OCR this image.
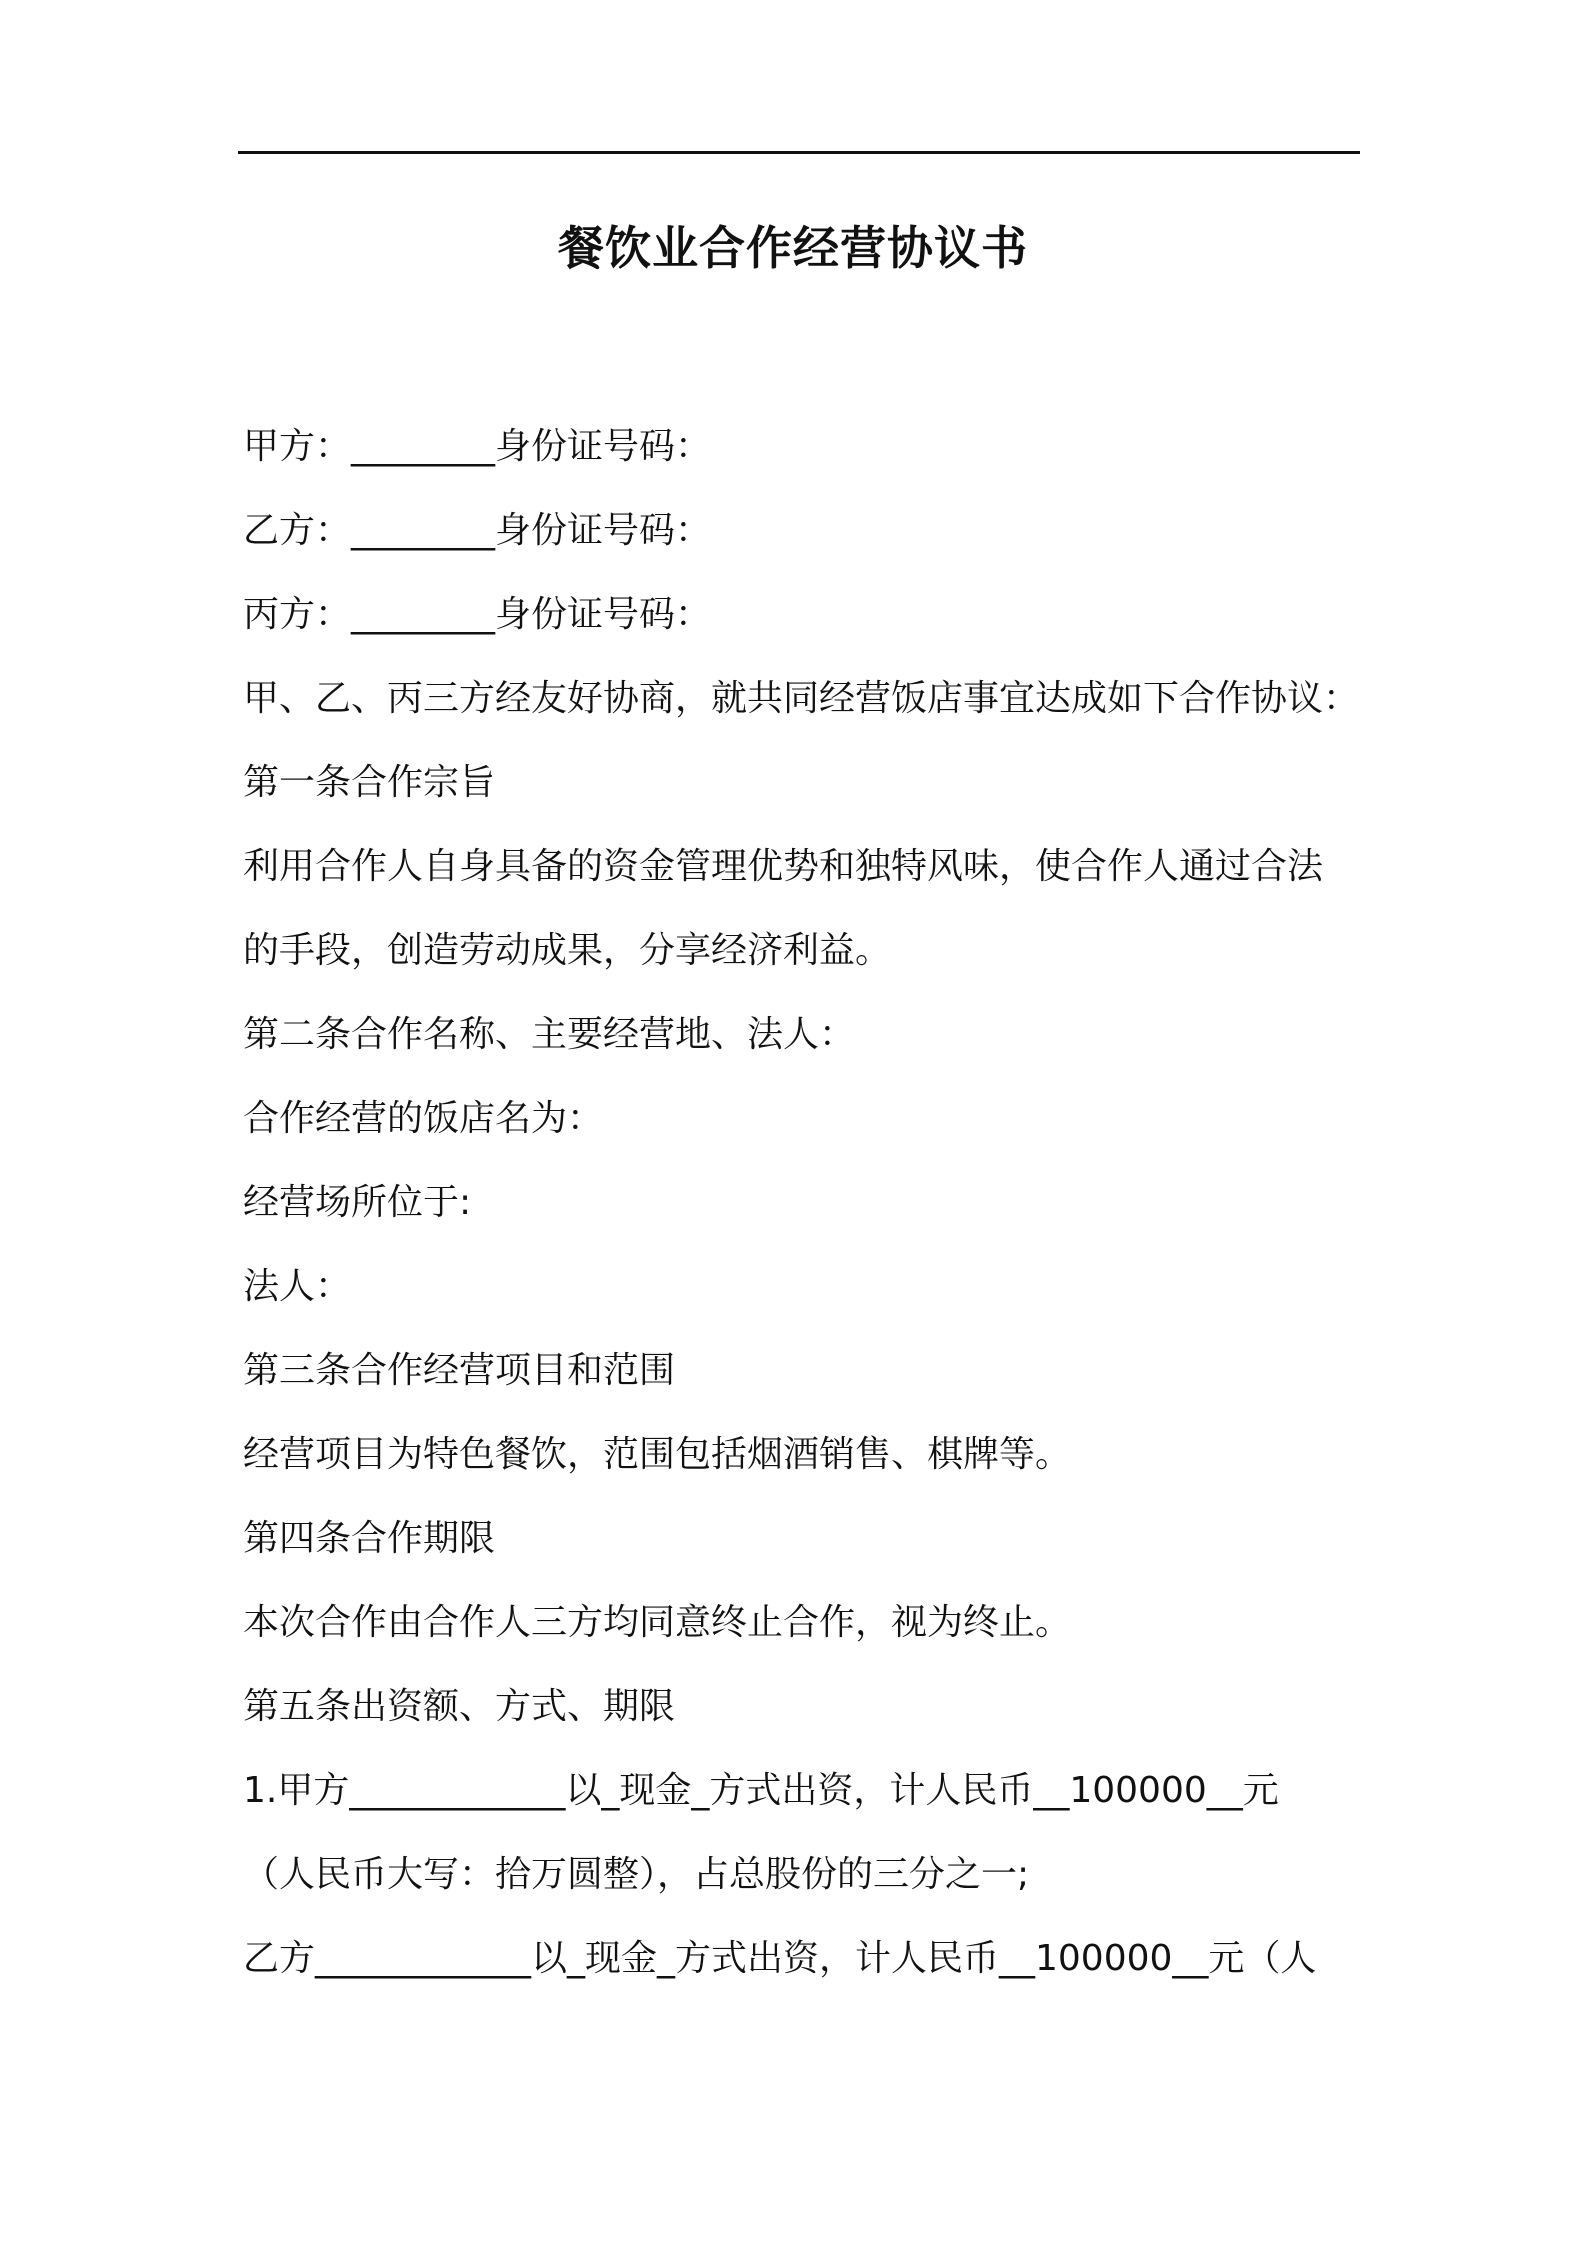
餐饮业合作经营协议书
甲方：________身份证号码：
乙方：________身份证号码：
丙方：________身份证号码：
甲、乙、丙三方经友好协商，就共同经营饭店事宜达成如下合作协议：
第一条合作宗旨
利用合作人自身具备的资金管理优势和独特风味，使合作人通过合法
的手段，创造劳动成果，分享经济利益。
第二条合作名称、主要经营地、法人：
合作经营的饭店名为：
经营场所位于:
法人：
第三条合作经营项目和范围
经营项目为特色餐饮，范围包括烟酒销售、棋牌等。
第四条合作期限
本次合作由合作人三方均同意终止合作，视为终止。
第五条出资额、方式、期限
1.甲方____________以_现金_方式出资，计人民币__100000__元
（人民币大写：拾万圆整），占总股份的三分之一;
乙方____________以_现金_方式出资，计人民币__100000__元（人
